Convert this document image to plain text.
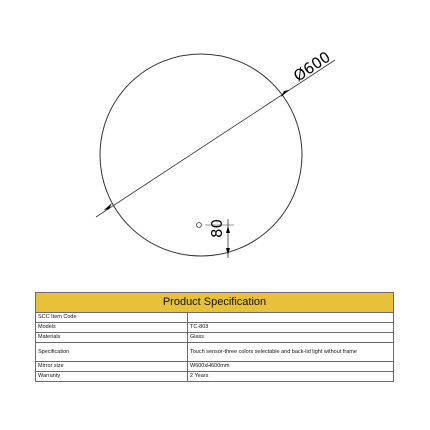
Ø600
80
Product Specification
SCC Item Code	
Models	TC-803
Materials	Glass
Specification	Touch sensor-three colors selectable and back-lid light without frame
Mirror size	W600xH600mm
Warranty	2 Years
